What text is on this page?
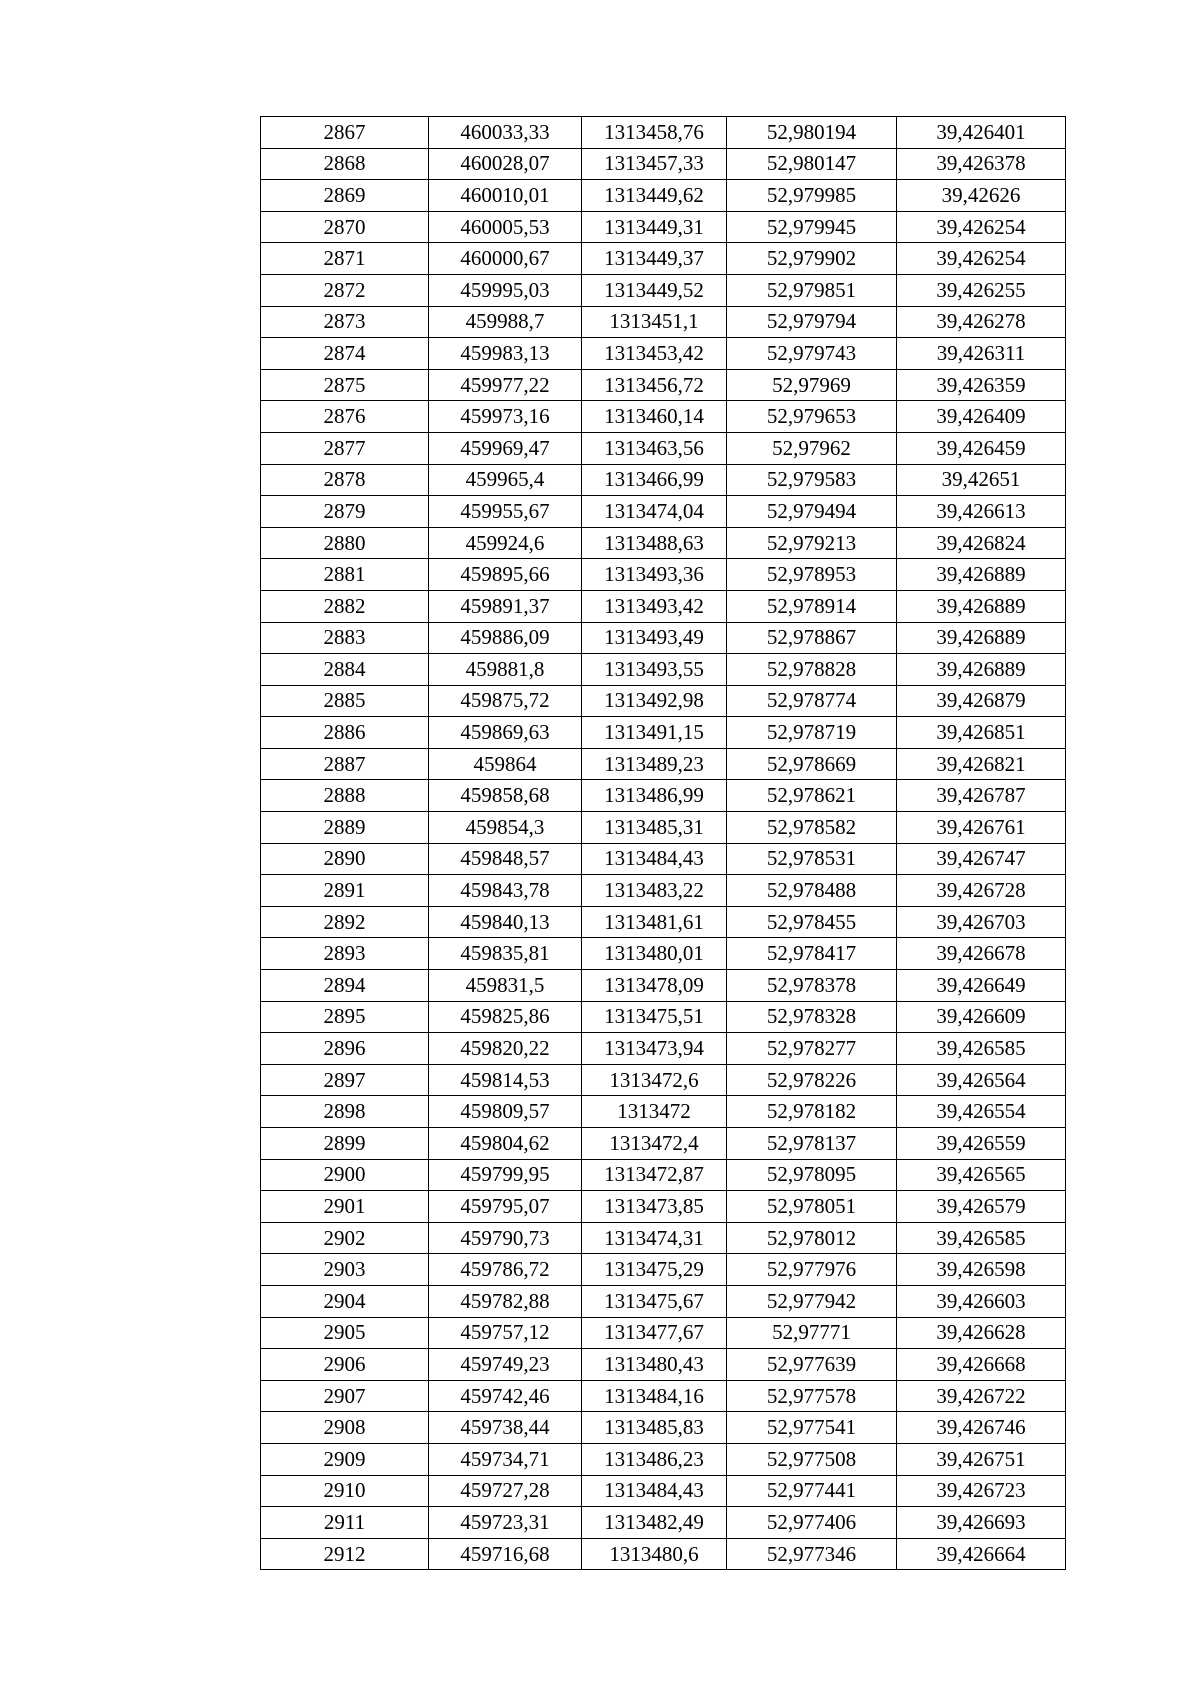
2867	460033,33	1313458,76	52,980194	39,426401
2868	460028,07	1313457,33	52,980147	39,426378
2869	460010,01	1313449,62	52,979985	39,42626
2870	460005,53	1313449,31	52,979945	39,426254
2871	460000,67	1313449,37	52,979902	39,426254
2872	459995,03	1313449,52	52,979851	39,426255
2873	459988,7	1313451,1	52,979794	39,426278
2874	459983,13	1313453,42	52,979743	39,426311
2875	459977,22	1313456,72	52,97969	39,426359
2876	459973,16	1313460,14	52,979653	39,426409
2877	459969,47	1313463,56	52,97962	39,426459
2878	459965,4	1313466,99	52,979583	39,42651
2879	459955,67	1313474,04	52,979494	39,426613
2880	459924,6	1313488,63	52,979213	39,426824
2881	459895,66	1313493,36	52,978953	39,426889
2882	459891,37	1313493,42	52,978914	39,426889
2883	459886,09	1313493,49	52,978867	39,426889
2884	459881,8	1313493,55	52,978828	39,426889
2885	459875,72	1313492,98	52,978774	39,426879
2886	459869,63	1313491,15	52,978719	39,426851
2887	459864	1313489,23	52,978669	39,426821
2888	459858,68	1313486,99	52,978621	39,426787
2889	459854,3	1313485,31	52,978582	39,426761
2890	459848,57	1313484,43	52,978531	39,426747
2891	459843,78	1313483,22	52,978488	39,426728
2892	459840,13	1313481,61	52,978455	39,426703
2893	459835,81	1313480,01	52,978417	39,426678
2894	459831,5	1313478,09	52,978378	39,426649
2895	459825,86	1313475,51	52,978328	39,426609
2896	459820,22	1313473,94	52,978277	39,426585
2897	459814,53	1313472,6	52,978226	39,426564
2898	459809,57	1313472	52,978182	39,426554
2899	459804,62	1313472,4	52,978137	39,426559
2900	459799,95	1313472,87	52,978095	39,426565
2901	459795,07	1313473,85	52,978051	39,426579
2902	459790,73	1313474,31	52,978012	39,426585
2903	459786,72	1313475,29	52,977976	39,426598
2904	459782,88	1313475,67	52,977942	39,426603
2905	459757,12	1313477,67	52,97771	39,426628
2906	459749,23	1313480,43	52,977639	39,426668
2907	459742,46	1313484,16	52,977578	39,426722
2908	459738,44	1313485,83	52,977541	39,426746
2909	459734,71	1313486,23	52,977508	39,426751
2910	459727,28	1313484,43	52,977441	39,426723
2911	459723,31	1313482,49	52,977406	39,426693
2912	459716,68	1313480,6	52,977346	39,426664
